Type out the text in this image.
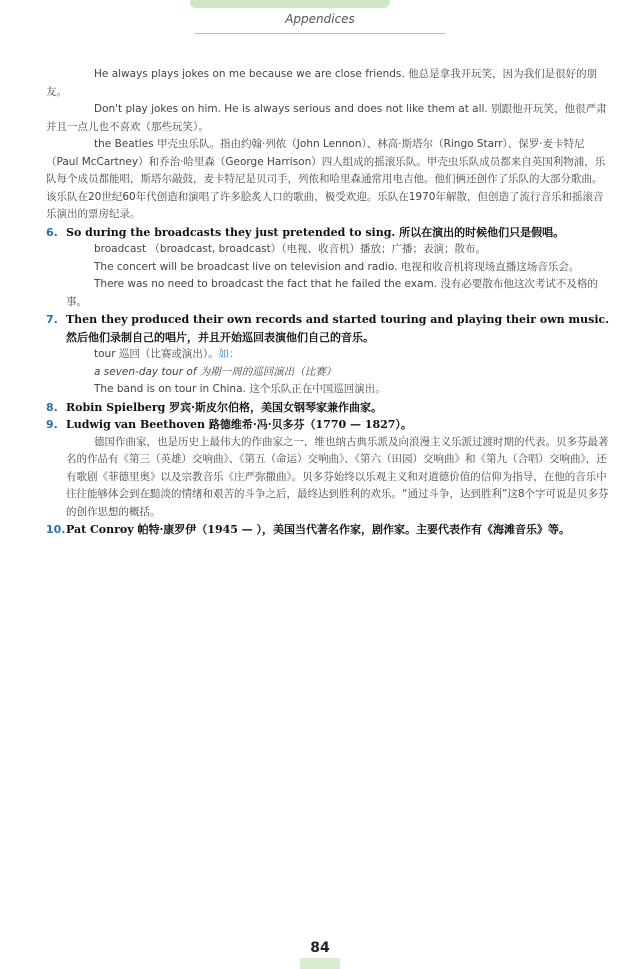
Appendices

He always plays jokes on me because we are close friends. 他总是拿我开玩笑，因为我们是很好的朋友。

Don't play jokes on him. He is always serious and does not like them at all. 别跟他开玩笑，他很严肃并且一点儿也不喜欢（那些玩笑）。

the Beatles 甲壳虫乐队。指由约翰·列侬（John Lennon）、林高·斯塔尔（Ringo Starr）、保罗·麦卡特尼（Paul McCartney）和乔治·哈里森（George Harrison）四人组成的摇滚乐队。甲壳虫乐队成员都来自英国利物浦，乐队每个成员都能唱，斯塔尔敲鼓，麦卡特尼是贝司手，列侬和哈里森通常用电吉他。他们俩还创作了乐队的大部分歌曲。该乐队在20世纪60年代创造和演唱了许多脍炙人口的歌曲，极受欢迎。乐队在1970年解散，但创造了流行音乐和摇滚音乐演出的票房纪录。

6. So during the broadcasts they just pretended to sing. 所以在演出的时候他们只是假唱。

broadcast （broadcast, broadcast）（电视、收音机）播放；广播；表演；散布。

The concert will be broadcast live on television and radio. 电视和收音机将现场直播这场音乐会。

There was no need to broadcast the fact that he failed the exam. 没有必要散布他这次考试不及格的事。

7. Then they produced their own records and started touring and playing their own music. 然后他们录制自己的唱片，并且开始巡回表演他们自己的音乐。

tour 巡回（比赛或演出）。如：

a seven-day tour of 为期一周的巡回演出（比赛）

The band is on tour in China. 这个乐队正在中国巡回演出。

8. Robin Spielberg 罗宾·斯皮尔伯格，美国女钢琴家兼作曲家。

9. Ludwig van Beethoven 路德维希·冯·贝多芬（1770 — 1827）。

德国作曲家，也是历史上最伟大的作曲家之一，维也纳古典乐派及向浪漫主义乐派过渡时期的代表。贝多芬最著名的作品有《第三（英雄）交响曲》、《第五（命运）交响曲》、《第六（田园）交响曲》和《第九（合唱）交响曲》，还有歌剧《菲德里奥》以及宗教音乐《庄严弥撒曲》。贝多芬始终以乐观主义和对道德价值的信仰为指导，在他的音乐中往往能够体会到在黯淡的情绪和艰苦的斗争之后，最终达到胜利的欢乐。“通过斗争，达到胜利”这8个字可说是贝多芬的创作思想的概括。

10.Pat Conroy 帕特·康罗伊（1945 — ），美国当代著名作家，剧作家。主要代表作有《海滩音乐》等。

84
